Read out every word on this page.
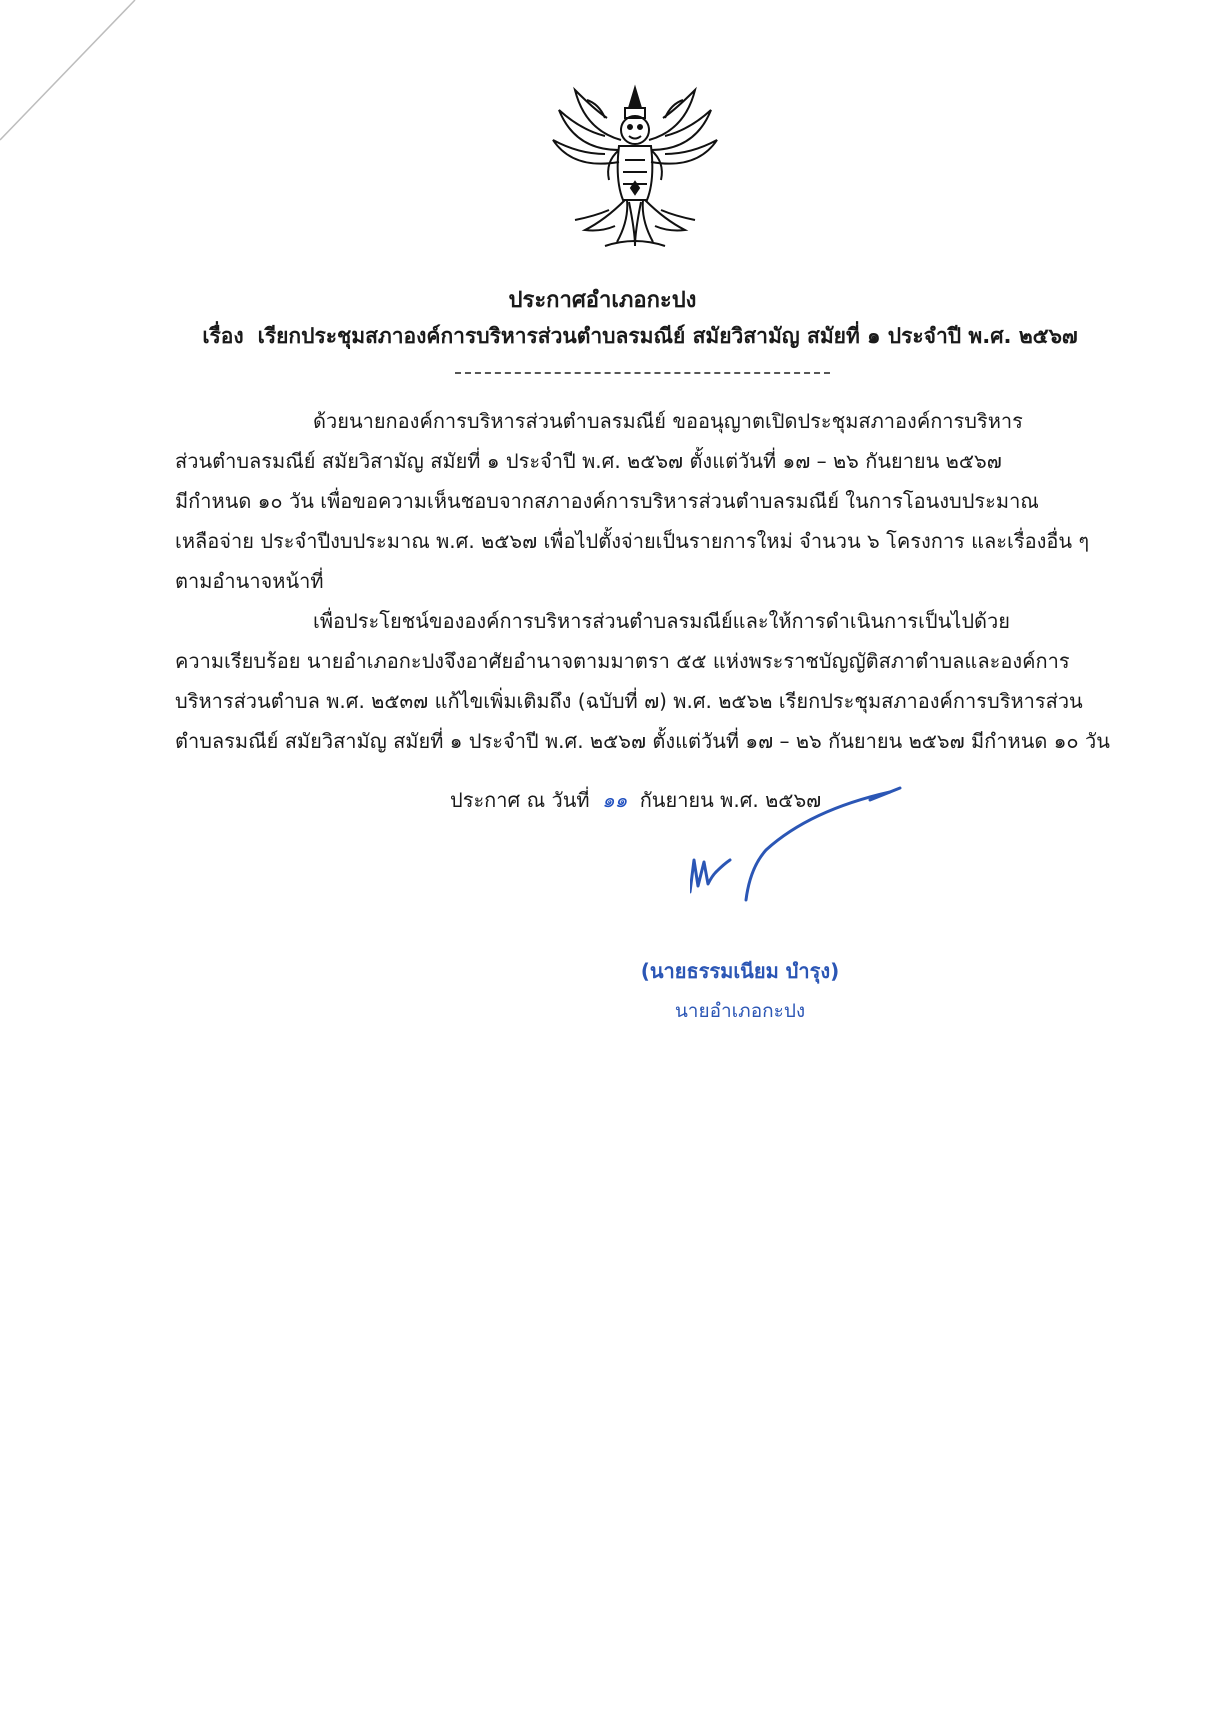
ประกาศอำเภอกะปง
เรื่อง เรียกประชุมสภาองค์การบริหารส่วนตำบลรมณีย์ สมัยวิสามัญ สมัยที่ ๑ ประจำปี พ.ศ. ๒๕๖๗
ด้วยนายกองค์การบริหารส่วนตำบลรมณีย์ ขออนุญาตเปิดประชุมสภาองค์การบริหาร
ส่วนตำบลรมณีย์ สมัยวิสามัญ สมัยที่ ๑ ประจำปี พ.ศ. ๒๕๖๗ ตั้งแต่วันที่ ๑๗ – ๒๖ กันยายน ๒๕๖๗
มีกำหนด ๑๐ วัน เพื่อขอความเห็นชอบจากสภาองค์การบริหารส่วนตำบลรมณีย์ ในการโอนงบประมาณ
เหลือจ่าย ประจำปีงบประมาณ พ.ศ. ๒๕๖๗ เพื่อไปตั้งจ่ายเป็นรายการใหม่ จำนวน ๖ โครงการ และเรื่องอื่น ๆ
ตามอำนาจหน้าที่
เพื่อประโยชน์ขององค์การบริหารส่วนตำบลรมณีย์และให้การดำเนินการเป็นไปด้วย
ความเรียบร้อย นายอำเภอกะปงจึงอาศัยอำนาจตามมาตรา ๕๕ แห่งพระราชบัญญัติสภาตำบลและองค์การ
บริหารส่วนตำบล พ.ศ. ๒๕๓๗ แก้ไขเพิ่มเติมถึง (ฉบับที่ ๗) พ.ศ. ๒๕๖๒ เรียกประชุมสภาองค์การบริหารส่วน
ตำบลรมณีย์ สมัยวิสามัญ สมัยที่ ๑ ประจำปี พ.ศ. ๒๕๖๗ ตั้งแต่วันที่ ๑๗ – ๒๖ กันยายน ๒๕๖๗ มีกำหนด ๑๐ วัน
ประกาศ ณ วันที่ ๑๑ กันยายน พ.ศ. ๒๕๖๗
(นายธรรมเนียม บำรุง)
นายอำเภอกะปง
